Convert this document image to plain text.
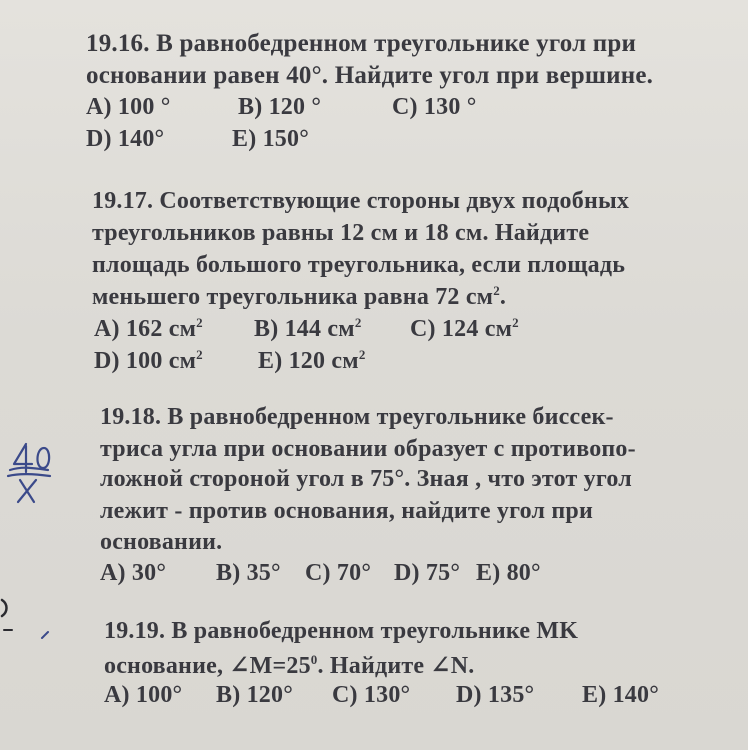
19.16. В равнобедренном треугольнике угол при
основании равен 40°. Найдите угол при вершине.
A) 100 °	B) 120 °	C) 130 °
D) 140°	E) 150°
19.17. Соответствующие стороны двух подобных
треугольников равны 12 см и 18 см. Найдите
площадь большого треугольника, если площадь
меньшего треугольника равна 72 $см^2$.
A) 162 $см^2$ B) 144 $см^2$ C) 124 $см^2$
D) 100 $см^2$ E) 120 $см^2$
19.18. В равнобедренном треугольнике биссек-
триса угла при основании образует с противопо-
ложной стороной угол в 75°. Зная , что этот угол
лежит - против основания, найдите угол при
основании.
A) 30° B) 35° C) 70° D) 75° E) 80°
19.19. В равнобедренном треугольнике MK
основание, $\angle M=25^0$. Найдите ∠N.
A) 100° B) 120° C) 130° D) 135° E) 140°
